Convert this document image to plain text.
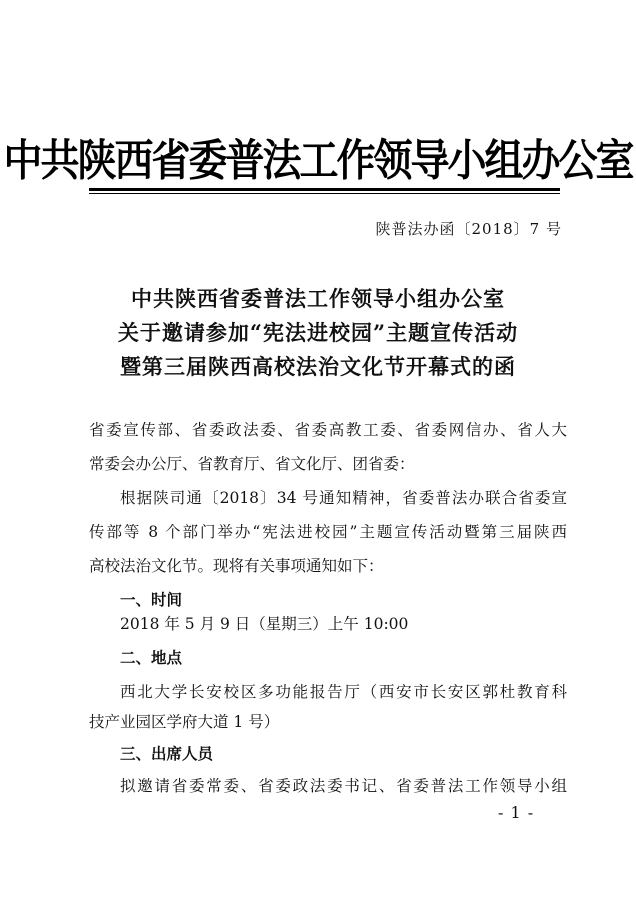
中共陕西省委普法工作领导小组办公室
陕普法办函〔2018〕7 号
中共陕西省委普法工作领导小组办公室
关于邀请参加“宪法进校园”主题宣传活动
暨第三届陕西高校法治文化节开幕式的函
省委宣传部、省委政法委、省委高教工委、省委网信办、省人大
常委会办公厅、省教育厅、省文化厅、团省委：
根据陕司通〔2018〕34 号通知精神，省委普法办联合省委宣
传部等 8 个部门举办“宪法进校园”主题宣传活动暨第三届陕西
高校法治文化节。现将有关事项通知如下：
一、时间
2018 年 5 月 9 日（星期三）上午 10:00
二、地点
西北大学长安校区多功能报告厅（西安市长安区郭杜教育科
技产业园区学府大道 1 号）
三、出席人员
拟邀请省委常委、省委政法委书记、省委普法工作领导小组
- 1 -
